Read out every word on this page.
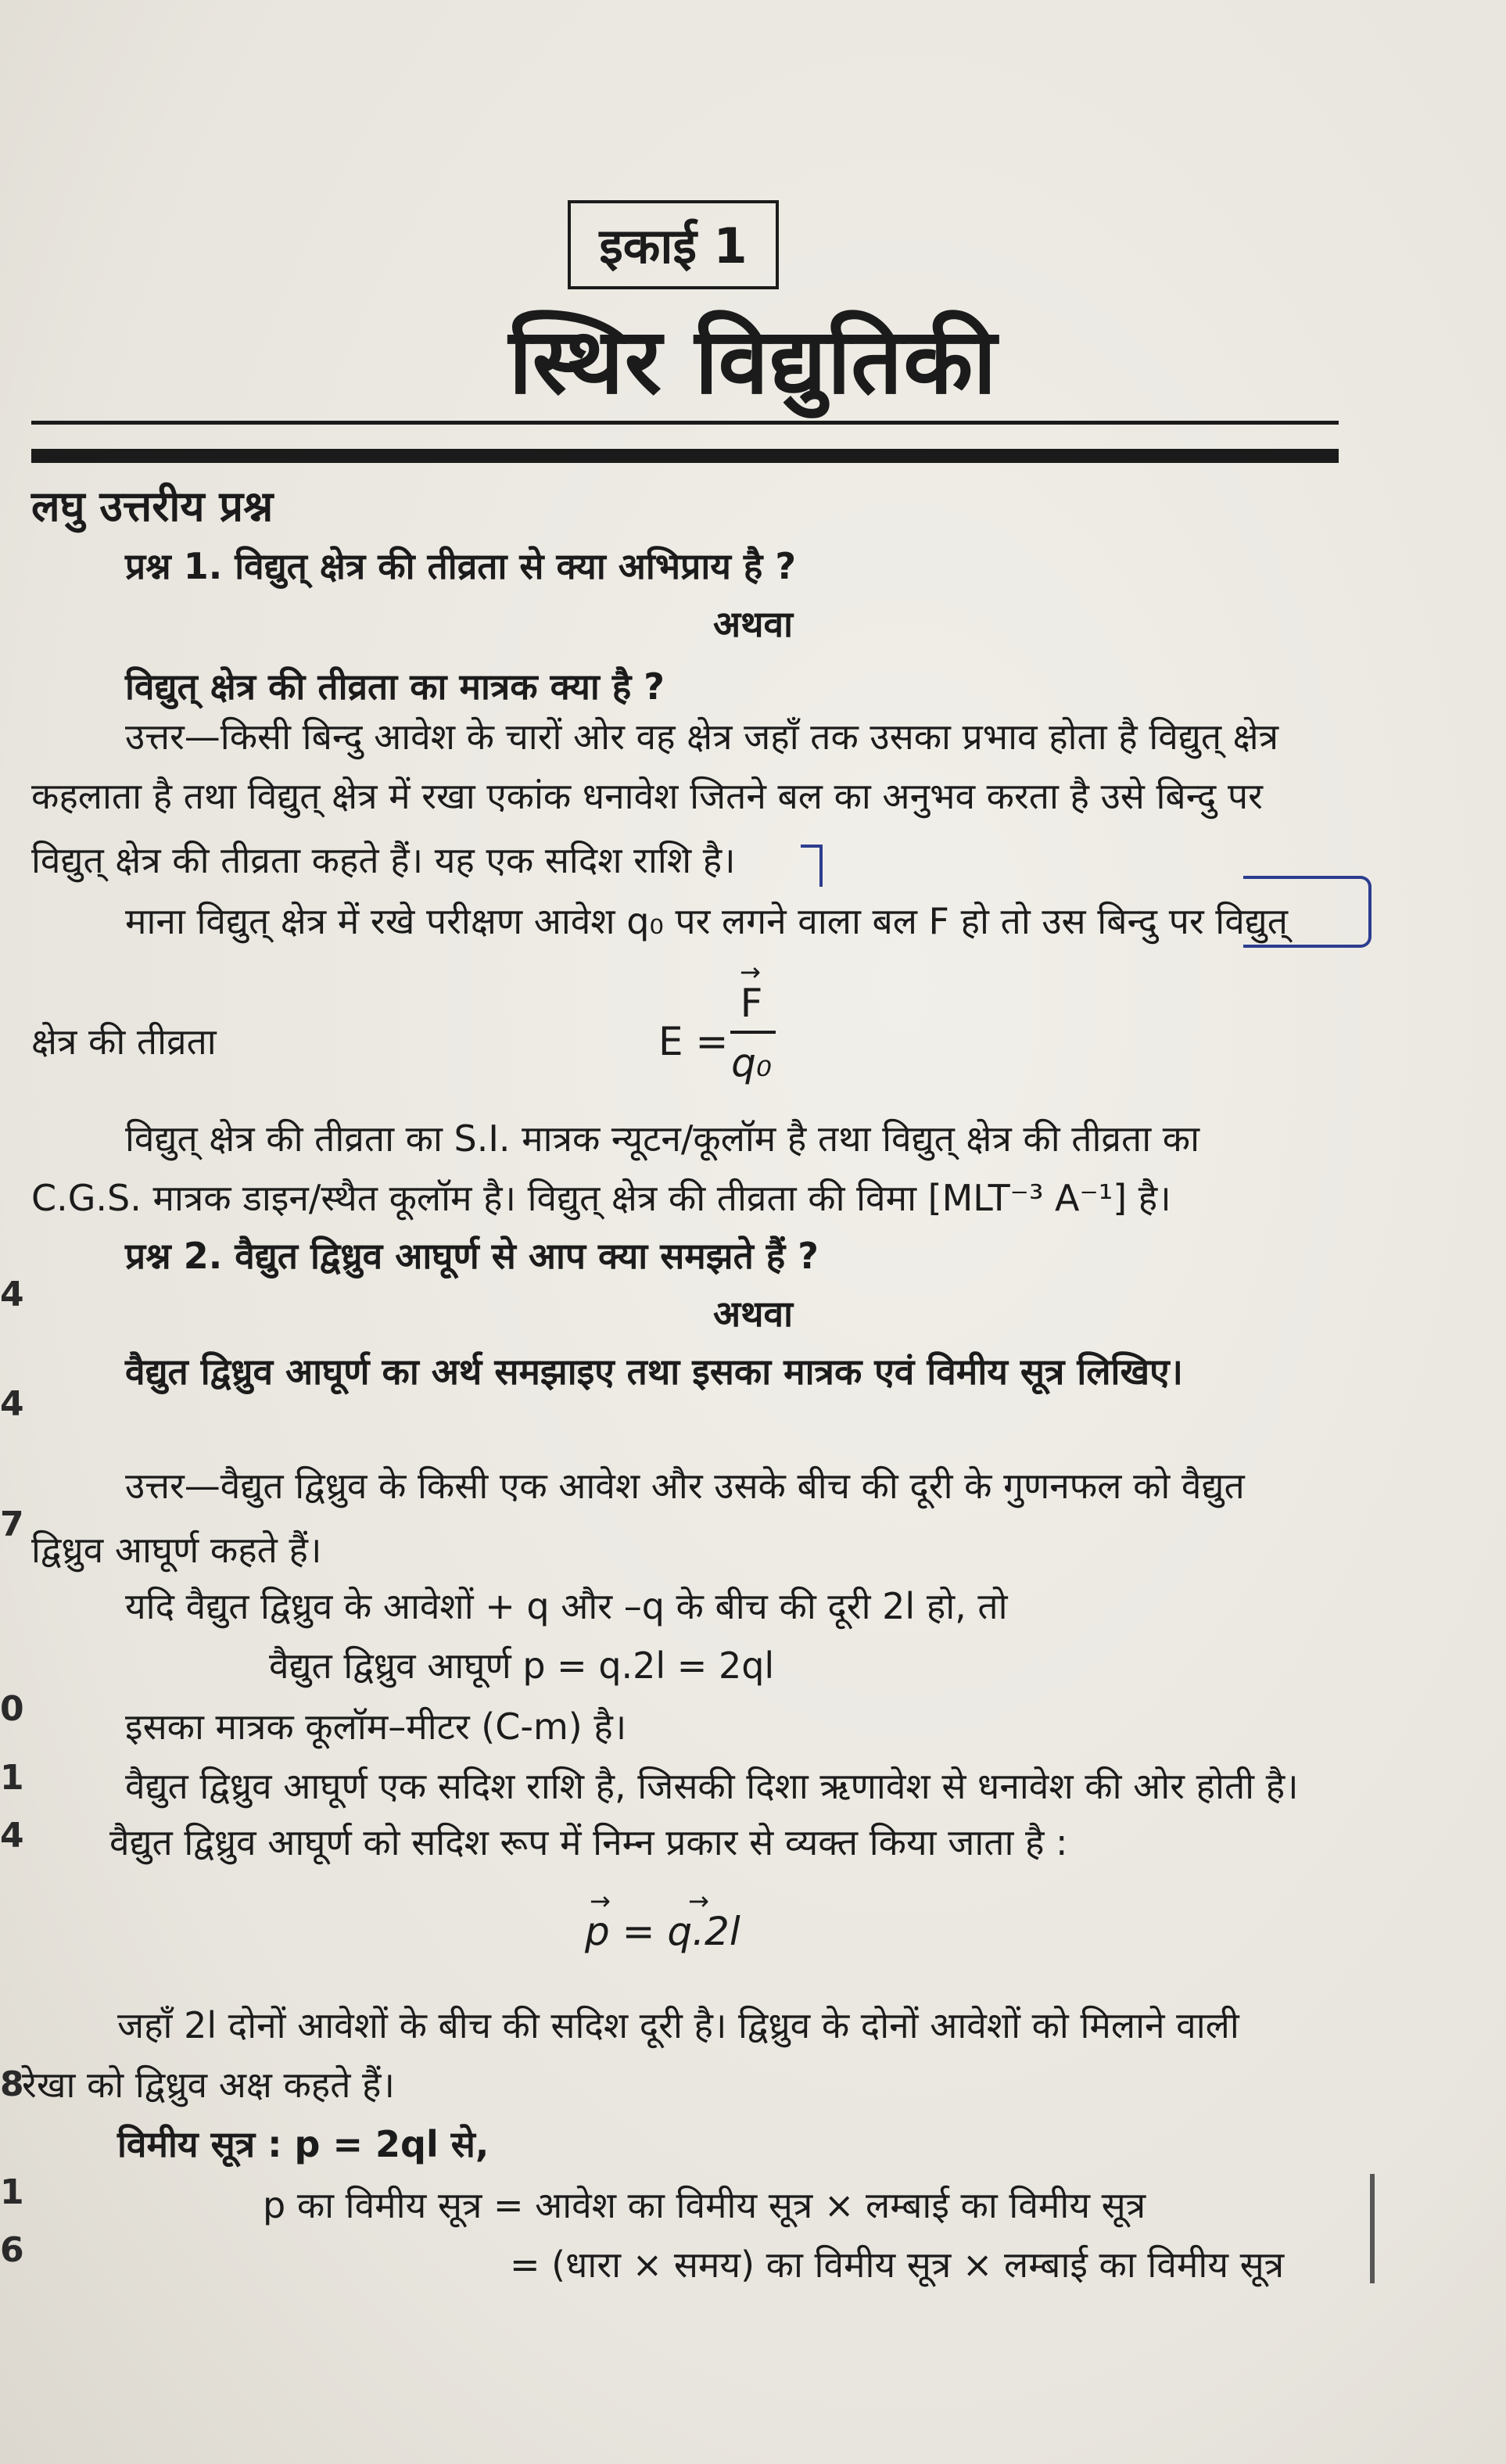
इकाई 1
स्थिर विद्युतिकी
लघु उत्तरीय प्रश्न
प्रश्न 1. विद्युत् क्षेत्र की तीव्रता से क्या अभिप्राय है ?
अथवा
विद्युत् क्षेत्र की तीव्रता का मात्रक क्या है ?
उत्तर—किसी बिन्दु आवेश के चारों ओर वह क्षेत्र जहाँ तक उसका प्रभाव होता है विद्युत् क्षेत्र
कहलाता है तथा विद्युत् क्षेत्र में रखा एकांक धनावेश जितने बल का अनुभव करता है उसे बिन्दु पर
विद्युत् क्षेत्र की तीव्रता कहते हैं। यह एक सदिश राशि है।
माना विद्युत् क्षेत्र में रखे परीक्षण आवेश q₀ पर लगने वाला बल F हो तो उस बिन्दु पर विद्युत्
क्षेत्र की तीव्रता	E =
→
F
q₀
विद्युत् क्षेत्र की तीव्रता का S.I. मात्रक न्यूटन/कूलॉम है तथा विद्युत् क्षेत्र की तीव्रता का
C.G.S. मात्रक डाइन/स्थैत कूलॉम है। विद्युत् क्षेत्र की तीव्रता की विमा [MLT⁻³ A⁻¹] है।
प्रश्न 2. वैद्युत द्विध्रुव आघूर्ण से आप क्या समझते हैं ?
अथवा
वैद्युत द्विध्रुव आघूर्ण का अर्थ समझाइए तथा इसका मात्रक एवं विमीय सूत्र लिखिए।
उत्तर—वैद्युत द्विध्रुव के किसी एक आवेश और उसके बीच की दूरी के गुणनफल को वैद्युत
द्विध्रुव आघूर्ण कहते हैं।
यदि वैद्युत द्विध्रुव के आवेशों + q और –q के बीच की दूरी 2l हो, तो
वैद्युत द्विध्रुव आघूर्ण p = q.2l = 2ql
इसका मात्रक कूलॉम–मीटर (C-m) है।
वैद्युत द्विध्रुव आघूर्ण एक सदिश राशि है, जिसकी दिशा ऋणावेश से धनावेश की ओर होती है।
वैद्युत द्विध्रुव आघूर्ण को सदिश रूप में निम्न प्रकार से व्यक्त किया जाता है :
p = q.2l
→	→
जहाँ 2l दोनों आवेशों के बीच की सदिश दूरी है। द्विध्रुव के दोनों आवेशों को मिलाने वाली
रेखा को द्विध्रुव अक्ष कहते हैं।
विमीय सूत्र : p = 2ql से,
p का विमीय सूत्र = आवेश का विमीय सूत्र × लम्बाई का विमीय सूत्र
= (धारा × समय) का विमीय सूत्र × लम्बाई का विमीय सूत्र
4
4
7
0
1
4
8
1
6
